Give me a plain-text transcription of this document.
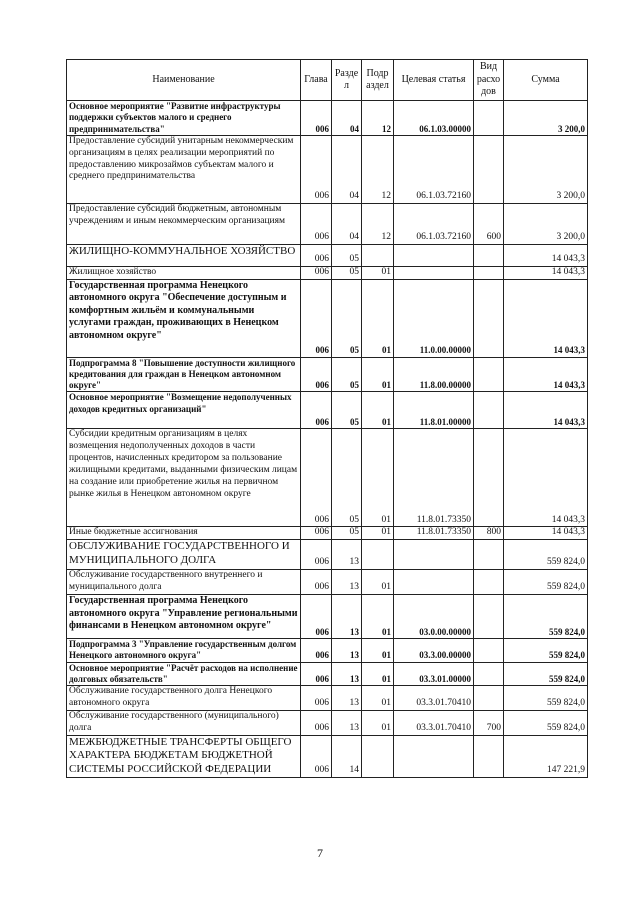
Наименование	Глава	Разде л	Подр аздел	Целевая статья	Вид расхо дов	Сумма
Основное мероприятие "Развитие инфраструктуры поддержки субъектов малого и среднего предпринимательства"	006	04	12	06.1.03.00000		3 200,0
Предоставление субсидий унитарным некоммерческим организациям в целях реализации мероприятий по предоставлению микрозаймов субъектам малого и среднего предпринимательства	006	04	12	06.1.03.72160		3 200,0
Предоставление субсидий бюджетным, автономным учреждениям и иным некоммерческим организациям	006	04	12	06.1.03.72160	600	3 200,0
ЖИЛИЩНО-КОММУНАЛЬНОЕ ХОЗЯЙСТВО	006	05				14 043,3
Жилищное хозяйство	006	05	01			14 043,3
Государственная программа Ненецкого автономного округа "Обеспечение доступным и комфортным жильём и коммунальными услугами граждан, проживающих в Ненецком автономном округе"	006	05	01	11.0.00.00000		14 043,3
Подпрограмма 8 "Повышение доступности жилищного кредитования для граждан в Ненецком автономном округе"	006	05	01	11.8.00.00000		14 043,3
Основное мероприятие "Возмещение недополученных доходов кредитных организаций"	006	05	01	11.8.01.00000		14 043,3
Субсидии кредитным организациям в целях возмещения недополученных доходов в части процентов, начисленных кредитором за пользование жилищными кредитами, выданными физическим лицам на создание или приобретение жилья на первичном рынке жилья в Ненецком автономном округе	006	05	01	11.8.01.73350		14 043,3
Иные бюджетные ассигнования	006	05	01	11.8.01.73350	800	14 043,3
ОБСЛУЖИВАНИЕ ГОСУДАРСТВЕННОГО И МУНИЦИПАЛЬНОГО ДОЛГА	006	13				559 824,0
Обслуживание государственного внутреннего и муниципального долга	006	13	01			559 824,0
Государственная программа Ненецкого автономного округа "Управление региональными финансами в Ненецком автономном округе"	006	13	01	03.0.00.00000		559 824,0
Подпрограмма 3 "Управление государственным долгом Ненецкого автономного округа"	006	13	01	03.3.00.00000		559 824,0
Основное мероприятие "Расчёт расходов на исполнение долговых обязательств"	006	13	01	03.3.01.00000		559 824,0
Обслуживание государственного долга Ненецкого автономного округа	006	13	01	03.3.01.70410		559 824,0
Обслуживание государственного (муниципального) долга	006	13	01	03.3.01.70410	700	559 824,0
МЕЖБЮДЖЕТНЫЕ ТРАНСФЕРТЫ ОБЩЕГО ХАРАКТЕРА БЮДЖЕТАМ БЮДЖЕТНОЙ СИСТЕМЫ РОССИЙСКОЙ ФЕДЕРАЦИИ	006	14				147 221,9
7
